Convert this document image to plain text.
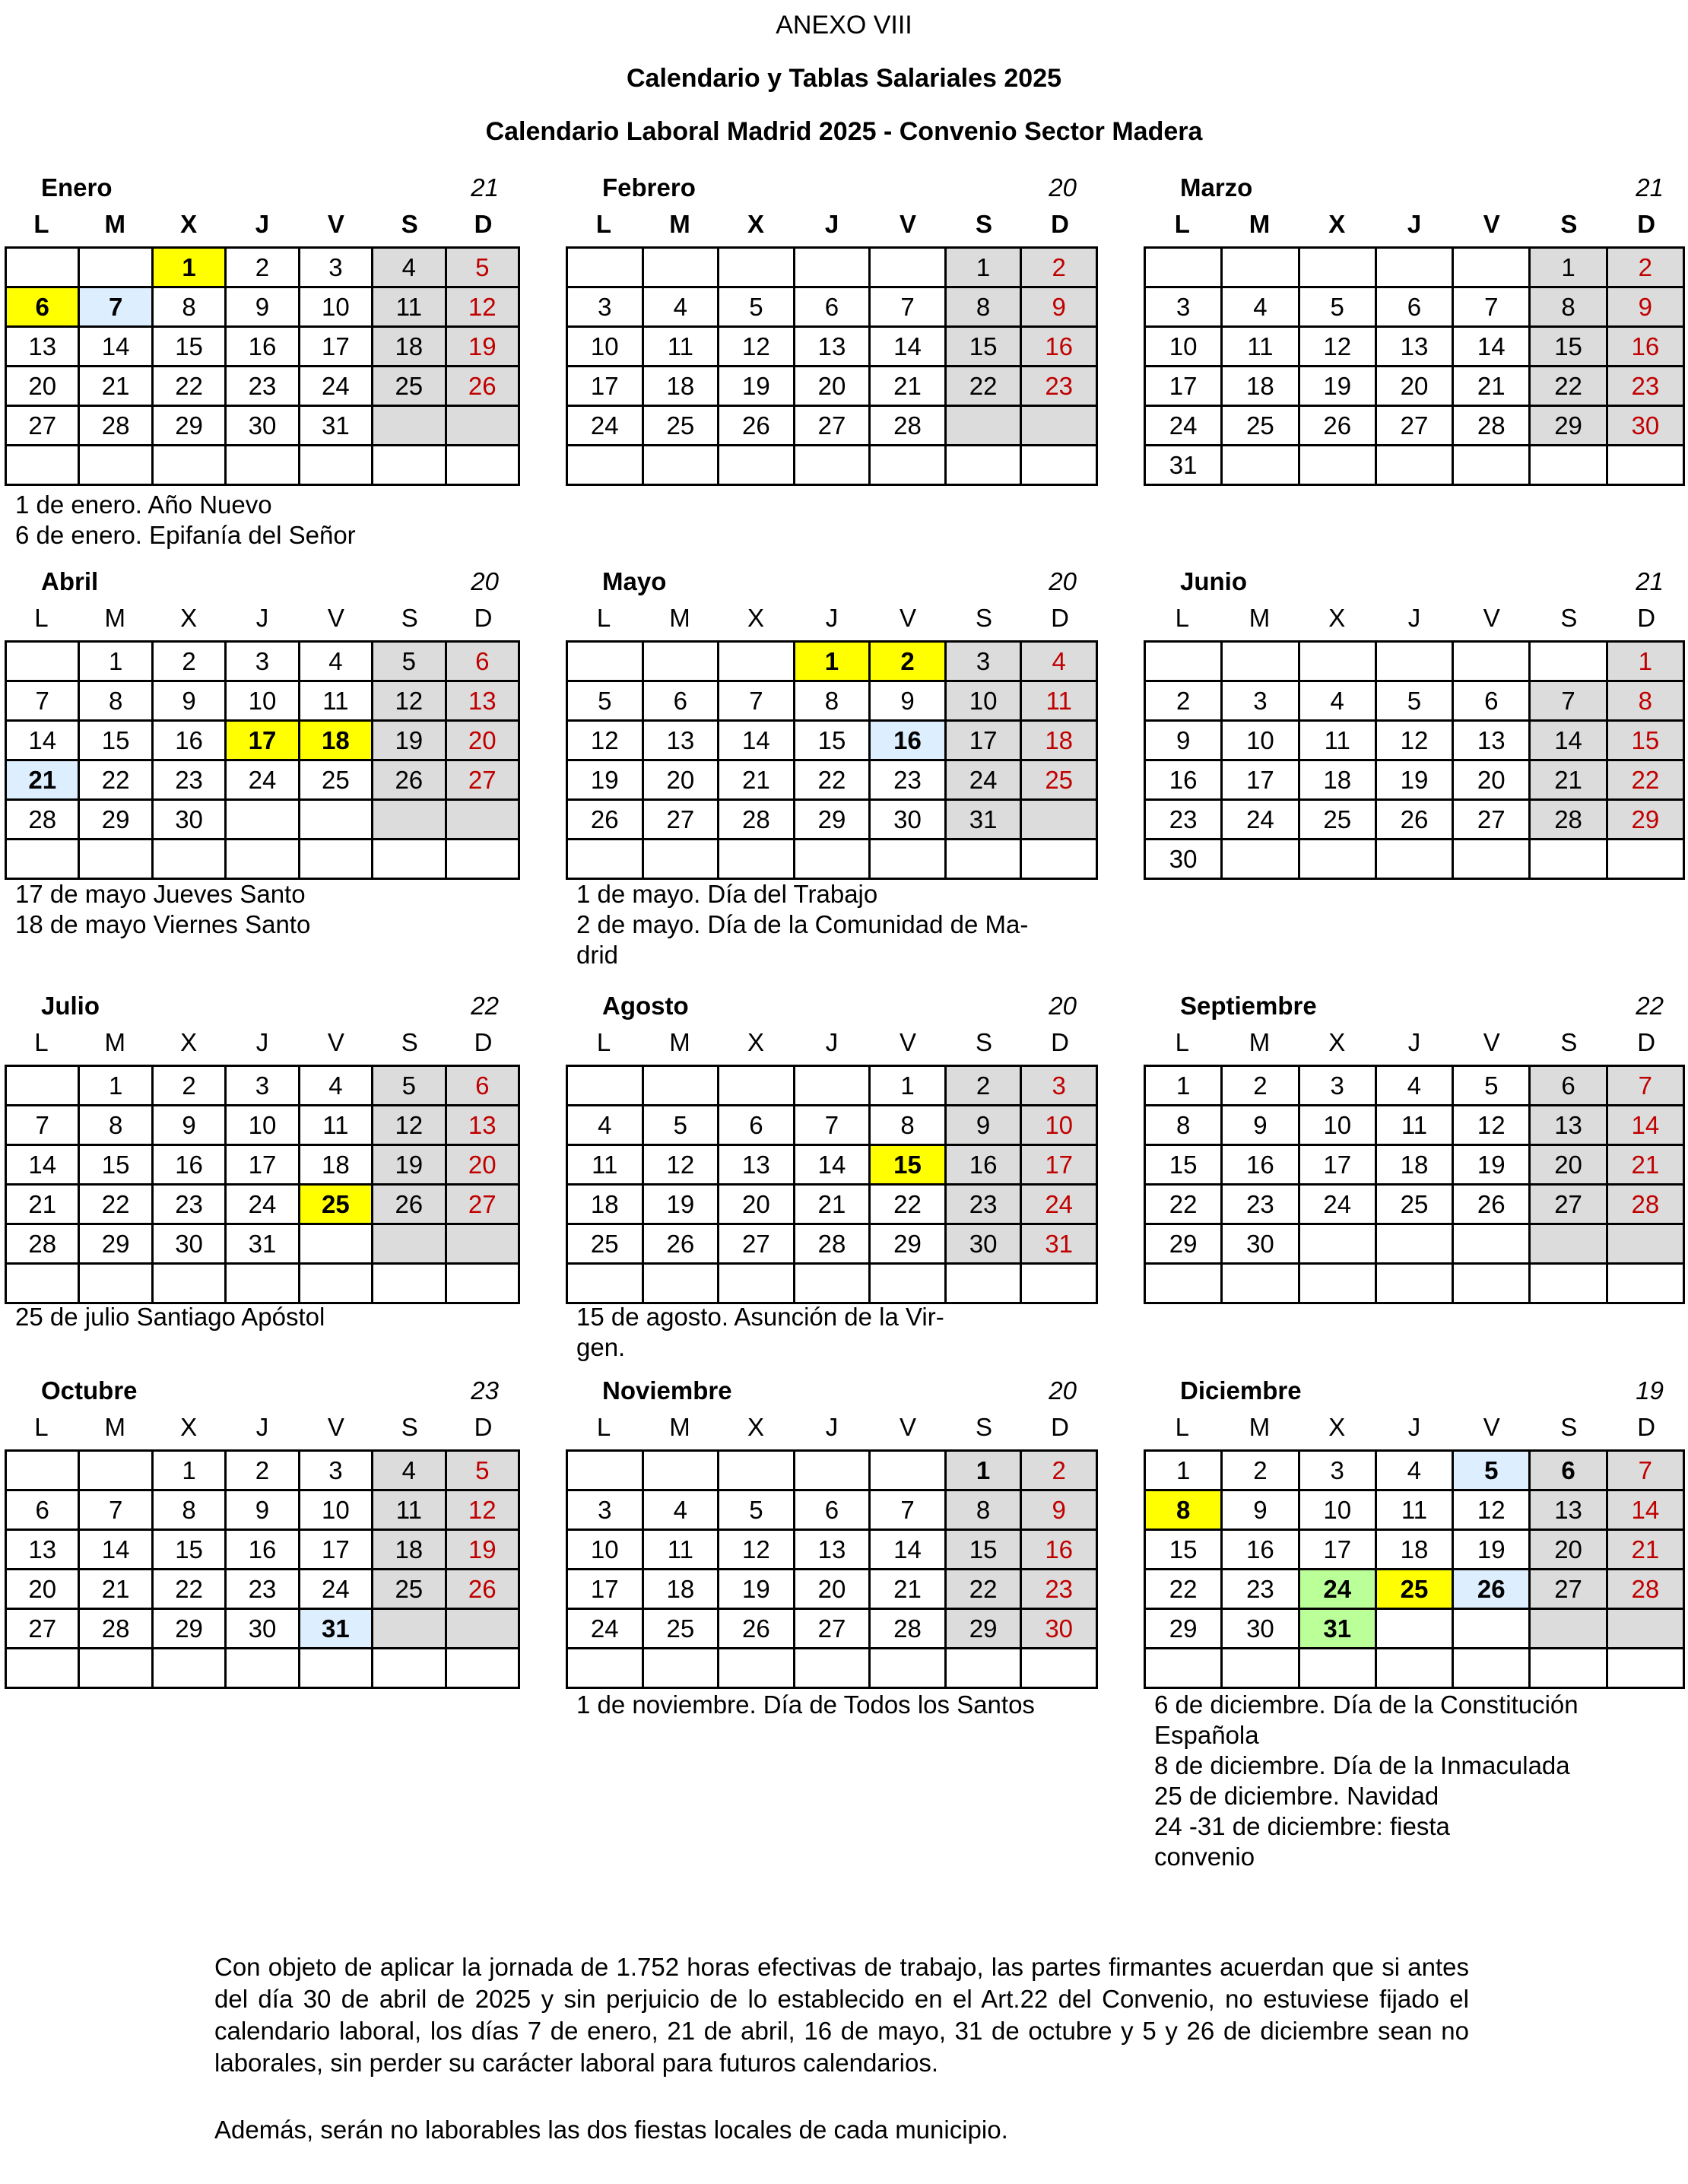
ANEXO VIII
Calendario y Tablas Salariales 2025
Calendario Laboral Madrid 2025 - Convenio Sector Madera
Enero	21
L	M	X	J	V	S	D
		1	2	3	4	5
6	7	8	9	10	11	12
13	14	15	16	17	18	19
20	21	22	23	24	25	26
27	28	29	30	31		

Febrero	20
L	M	X	J	V	S	D
					1	2
3	4	5	6	7	8	9
10	11	12	13	14	15	16
17	18	19	20	21	22	23
24	25	26	27	28		

Marzo	21
L	M	X	J	V	S	D
					1	2
3	4	5	6	7	8	9
10	11	12	13	14	15	16
17	18	19	20	21	22	23
24	25	26	27	28	29	30
31						
Abril	20
L	M	X	J	V	S	D
	1	2	3	4	5	6
7	8	9	10	11	12	13
14	15	16	17	18	19	20
21	22	23	24	25	26	27
28	29	30				

Mayo	20
L	M	X	J	V	S	D
			1	2	3	4
5	6	7	8	9	10	11
12	13	14	15	16	17	18
19	20	21	22	23	24	25
26	27	28	29	30	31	

Junio	21
L	M	X	J	V	S	D
						1
2	3	4	5	6	7	8
9	10	11	12	13	14	15
16	17	18	19	20	21	22
23	24	25	26	27	28	29
30						
Julio	22
L	M	X	J	V	S	D
	1	2	3	4	5	6
7	8	9	10	11	12	13
14	15	16	17	18	19	20
21	22	23	24	25	26	27
28	29	30	31			

Agosto	20
L	M	X	J	V	S	D
				1	2	3
4	5	6	7	8	9	10
11	12	13	14	15	16	17
18	19	20	21	22	23	24
25	26	27	28	29	30	31

Septiembre	22
L	M	X	J	V	S	D
1	2	3	4	5	6	7
8	9	10	11	12	13	14
15	16	17	18	19	20	21
22	23	24	25	26	27	28
29	30					

Octubre	23
L	M	X	J	V	S	D
		1	2	3	4	5
6	7	8	9	10	11	12
13	14	15	16	17	18	19
20	21	22	23	24	25	26
27	28	29	30	31		

Noviembre	20
L	M	X	J	V	S	D
					1	2
3	4	5	6	7	8	9
10	11	12	13	14	15	16
17	18	19	20	21	22	23
24	25	26	27	28	29	30

Diciembre	19
L	M	X	J	V	S	D
1	2	3	4	5	6	7
8	9	10	11	12	13	14
15	16	17	18	19	20	21
22	23	24	25	26	27	28
29	30	31				

Con objeto de aplicar la jornada de 1.752 horas efectivas de trabajo, las partes firmantes acuerdan que si antes del día 30 de abril de 2025 y sin perjuicio de lo establecido en el Art.22 del Convenio, no estuviese fijado el calendario laboral, los días 7 de enero, 21 de abril, 16 de mayo, 31 de octubre y 5 y 26 de diciembre sean no laborales, sin perder su carácter laboral para futuros calendarios.
Además, serán no laborables las dos fiestas locales de cada municipio.
1 de enero. Año Nuevo
6 de enero. Epifanía del Señor
17 de mayo Jueves Santo
18 de mayo Viernes Santo
1 de mayo. Día del Trabajo
2 de mayo. Día de la Comunidad de Ma-
drid
25 de julio Santiago Apóstol	15 de agosto. Asunción de la Vir-
gen.
1 de noviembre. Día de Todos los Santos	6 de diciembre. Día de la Constitución
Española
8 de diciembre. Día de la Inmaculada
25 de diciembre. Navidad
24 -31 de diciembre: fiesta
convenio
